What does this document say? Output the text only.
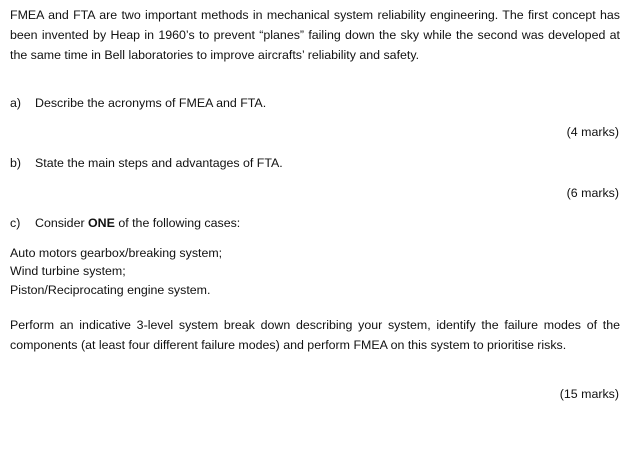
FMEA and FTA are two important methods in mechanical system reliability engineering. The first concept has been invented by Heap in 1960’s to prevent “planes” failing down the sky while the second was developed at the same time in Bell laboratories to improve aircrafts’ reliability and safety.
a) Describe the acronyms of FMEA and FTA.
(4 marks)
b) State the main steps and advantages of FTA.
(6 marks)
c) Consider ONE of the following cases:
Auto motors gearbox/breaking system;
Wind turbine system;
Piston/Reciprocating engine system.
Perform an indicative 3-level system break down describing your system, identify the failure modes of the components (at least four different failure modes) and perform FMEA on this system to prioritise risks.
(15 marks)
